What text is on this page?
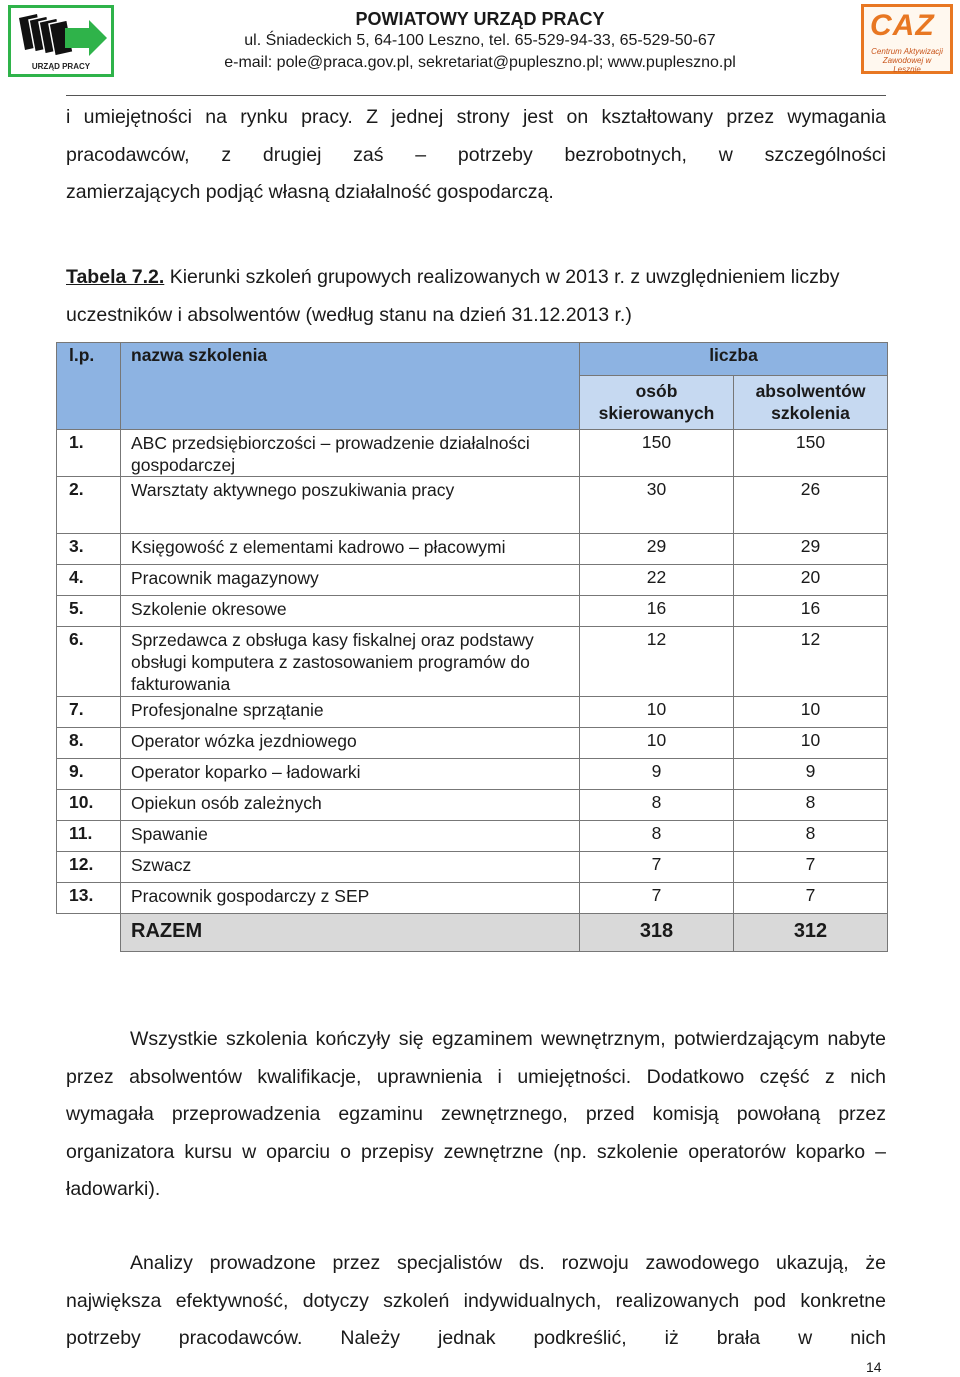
URZĄD PRACY
POWIATOWY URZĄD PRACY
ul. Śniadeckich 5, 64-100 Leszno, tel. 65-529-94-33, 65-529-50-67
e-mail: pole@praca.gov.pl, sekretariat@pupleszno.pl; www.pupleszno.pl
CAZ
Centrum Aktywizacji Zawodowej w Lesznie

i umiejętności na rynku pracy. Z jednej strony jest on kształtowany przez wymagania

pracodawców, z drugiej zaś – potrzeby bezrobotnych, w szczególności

zamierzających podjąć własną działalność gospodarczą.

Tabela 7.2. Kierunki szkoleń grupowych realizowanych w 2013 r. z uwzględnieniem liczby uczestników i absolwentów (według stanu na dzień 31.12.2013 r.)
l.p.	nazwa szkolenia	liczba	
		osób skierowanych	absolwentów szkolenia
1.	ABC przedsiębiorczości – prowadzenie działalności gospodarczej	150	150
2.	Warsztaty aktywnego poszukiwania pracy	30	26
3.	Księgowość z elementami kadrowo – płacowymi	29	29
4.	Pracownik magazynowy	22	20
5.	Szkolenie okresowe	16	16
6.	Sprzedawca z obsługa kasy fiskalnej oraz podstawy obsługi komputera z zastosowaniem programów do fakturowania	12	12
7.	Profesjonalne sprzątanie	10	10
8.	Operator wózka jezdniowego	10	10
9.	Operator koparko – ładowarki	9	9
10.	Opiekun osób zależnych	8	8
11.	Spawanie	8	8
12.	Szwacz	7	7
13.	Pracownik gospodarczy z SEP	7	7
	RAZEM	318	312

Wszystkie szkolenia kończyły się egzaminem wewnętrznym, potwierdzającym nabyte przez absolwentów kwalifikacje, uprawnienia i umiejętności. Dodatkowo część z nich wymagała przeprowadzenia egzaminu zewnętrznego, przed komisją powołaną przez organizatora kursu w oparciu o przepisy zewnętrzne (np. szkolenie operatorów koparko – ładowarki).

Analizy prowadzone przez specjalistów ds. rozwoju zawodowego ukazują, że największa efektywność, dotyczy szkoleń indywidualnych, realizowanych pod konkretne potrzeby pracodawców. Należy jednak podkreślić, iż brała w nich

14
